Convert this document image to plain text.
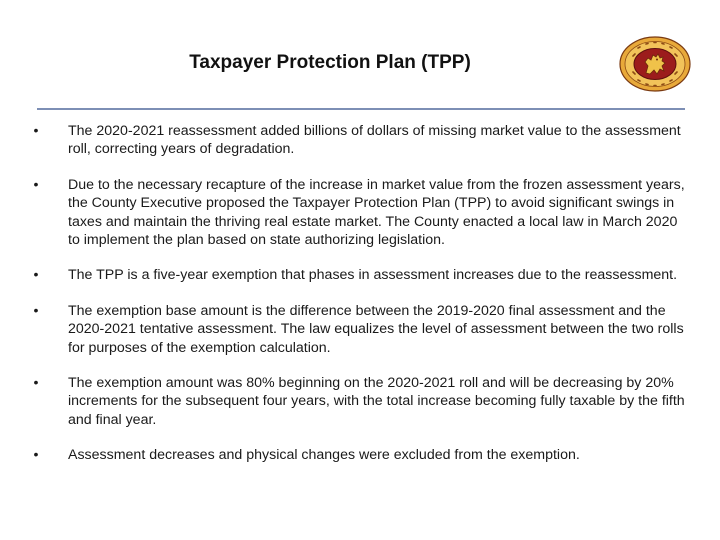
Taxpayer Protection Plan (TPP)
• The 2020-2021 reassessment added billions of dollars of missing market value to the assessment roll, correcting years of degradation.
• Due to the necessary recapture of the increase in market value from the frozen assessment years, the County Executive proposed the Taxpayer Protection Plan (TPP) to avoid significant swings in taxes and maintain the thriving real estate market. The County enacted a local law in March 2020 to implement the plan based on state authorizing legislation.
• The TPP is a five-year exemption that phases in assessment increases due to the reassessment.
• The exemption base amount is the difference between the 2019-2020 final assessment and the 2020-2021 tentative assessment. The law equalizes the level of assessment between the two rolls for purposes of the exemption calculation.
• The exemption amount was 80% beginning on the 2020-2021 roll and will be decreasing by 20% increments for the subsequent four years, with the total increase becoming fully taxable by the fifth and final year.
• Assessment decreases and physical changes were excluded from the exemption.
